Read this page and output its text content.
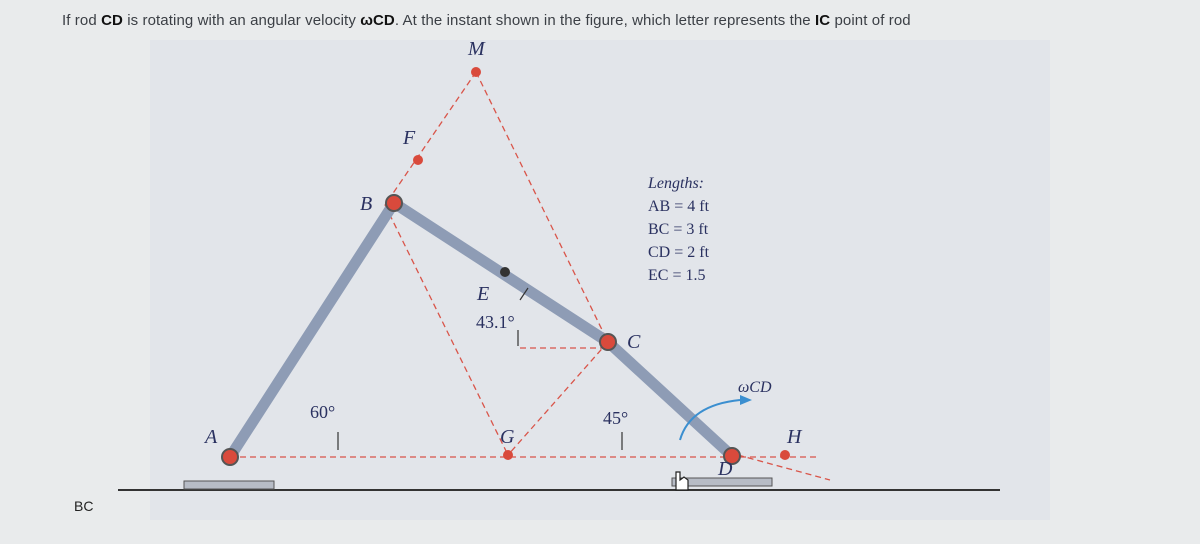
If rod CD is rotating with an angular velocity ωCD. At the instant shown in the figure, which letter represents the IC point of rod
M
F
B
E
C
A	G	H
D
60°
43.1°
45°
ωCD
Lengths:
AB = 4 ft
BC = 3 ft
CD = 2 ft
EC = 1.5
BC
